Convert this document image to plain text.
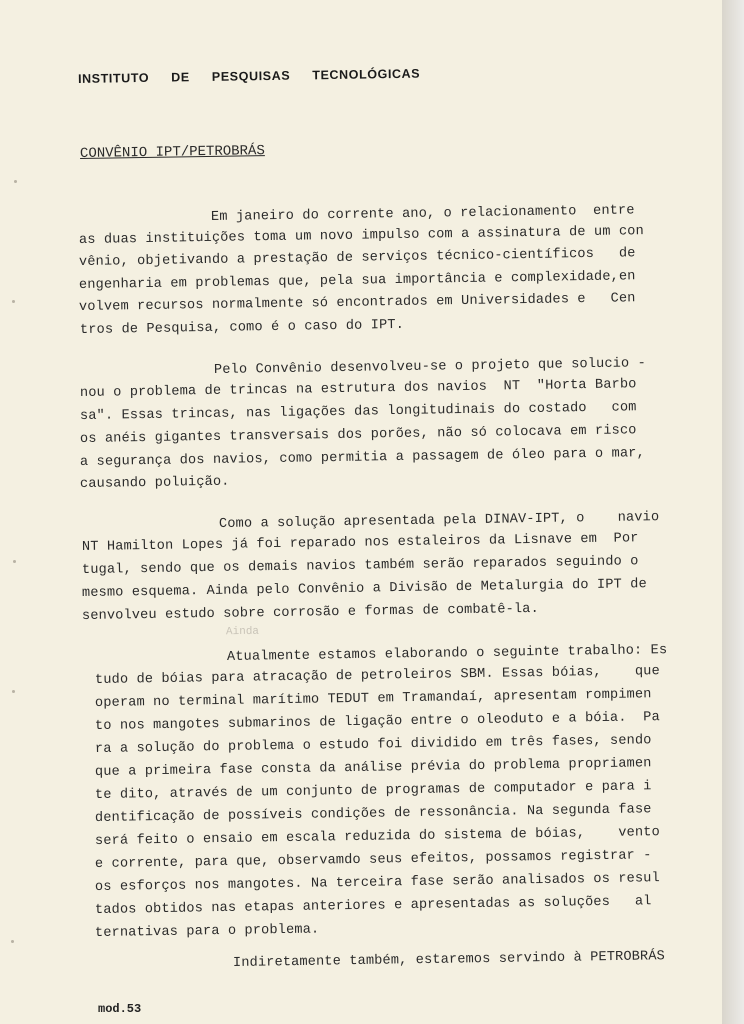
INSTITUTO DE PESQUISAS TECNOLÓGICAS
CONVÊNIO IPT/PETROBRÁS
Ainda
Em janeiro do corrente ano, o relacionamento  entre
as duas instituições toma um novo impulso com a assinatura de um con
vênio, objetivando a prestação de serviços técnico-científicos   de
engenharia em problemas que, pela sua importância e complexidade,en
volvem recursos normalmente só encontrados em Universidades e   Cen
tros de Pesquisa, como é o caso do IPT.
Pelo Convênio desenvolveu-se o projeto que solucio -
nou o problema de trincas na estrutura dos navios  NT  "Horta Barbo
sa". Essas trincas, nas ligações das longitudinais do costado   com
os anéis gigantes transversais dos porões, não só colocava em risco
a segurança dos navios, como permitia a passagem de óleo para o mar,
causando poluição.
Como a solução apresentada pela DINAV-IPT, o    navio
NT Hamilton Lopes já foi reparado nos estaleiros da Lisnave em  Por
tugal, sendo que os demais navios também serão reparados seguindo o
mesmo esquema. Ainda pelo Convênio a Divisão de Metalurgia do IPT de
senvolveu estudo sobre corrosão e formas de combatê-la.
Atualmente estamos elaborando o seguinte trabalho: Es
tudo de bóias para atracação de petroleiros SBM. Essas bóias,    que
operam no terminal marítimo TEDUT em Tramandaí, apresentam rompimen
to nos mangotes submarinos de ligação entre o oleoduto e a bóia.  Pa
ra a solução do problema o estudo foi dividido em três fases, sendo
que a primeira fase consta da análise prévia do problema propriamen
te dito, através de um conjunto de programas de computador e para i
dentificação de possíveis condições de ressonância. Na segunda fase
será feito o ensaio em escala reduzida do sistema de bóias,    vento
e corrente, para que, observamdo seus efeitos, possamos registrar -
os esforços nos mangotes. Na terceira fase serão analisados os resul
tados obtidos nas etapas anteriores e apresentadas as soluções   al
ternativas para o problema.
Indiretamente também, estaremos servindo à PETROBRÁS
mod.53
